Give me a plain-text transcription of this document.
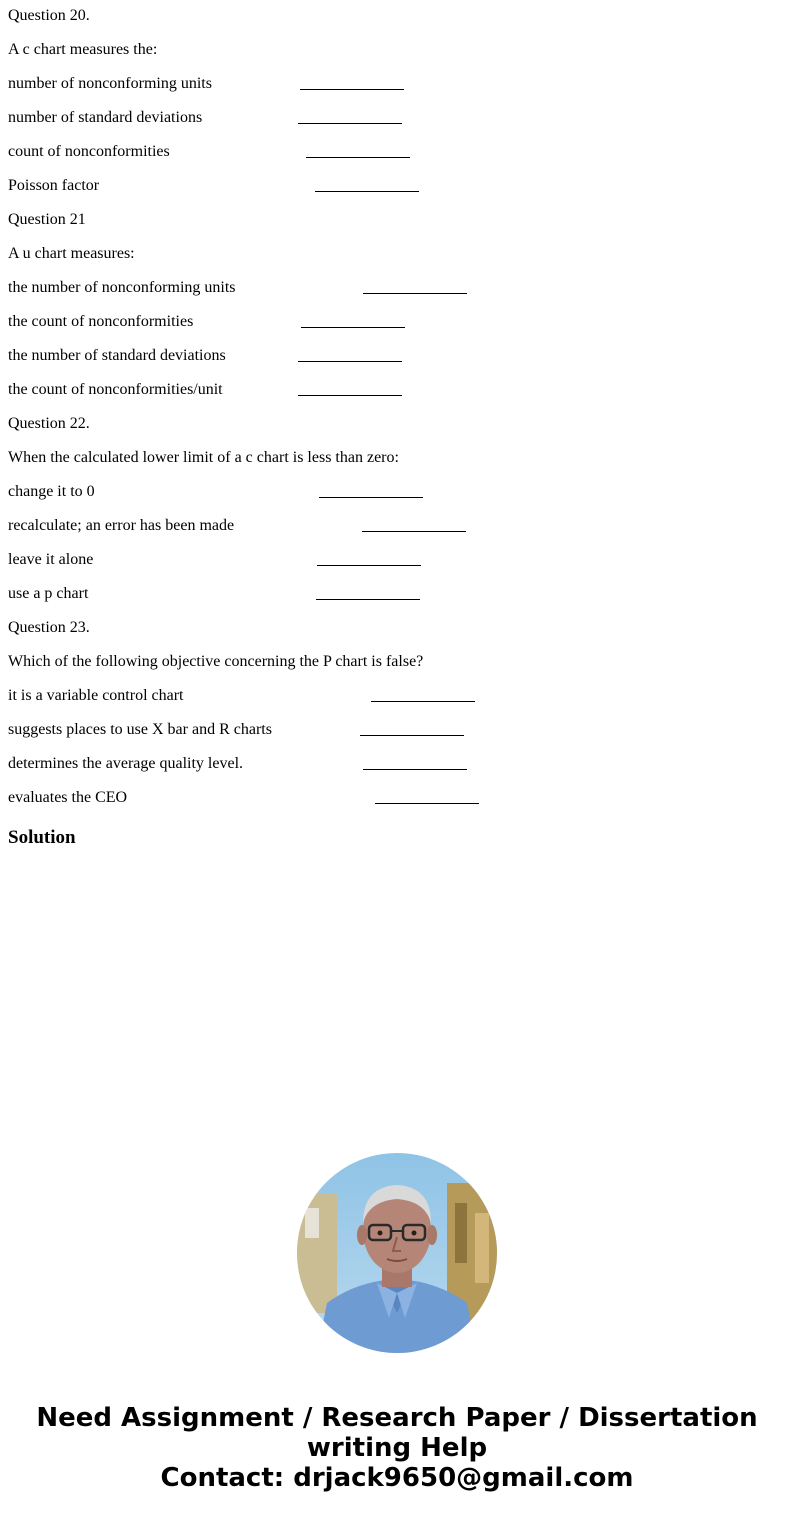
Question 20.
A c chart measures the:
number of nonconforming units
number of standard deviations
count of nonconformities
Poisson factor
Question 21
A u chart measures:
the number of nonconforming units
the count of nonconformities
the number of standard deviations
the count of nonconformities/unit
Question 22.
When the calculated lower limit of a c chart is less than zero:
change it to 0
recalculate; an error has been made
leave it alone
use a p chart
Question 23.
Which of the following objective concerning the P chart is false?
it is a variable control chart
suggests places to use X bar and R charts
determines the average quality level.
evaluates the CEO
Solution
Need Assignment / Research Paper / Dissertation
writing Help
Contact: drjack9650@gmail.com
